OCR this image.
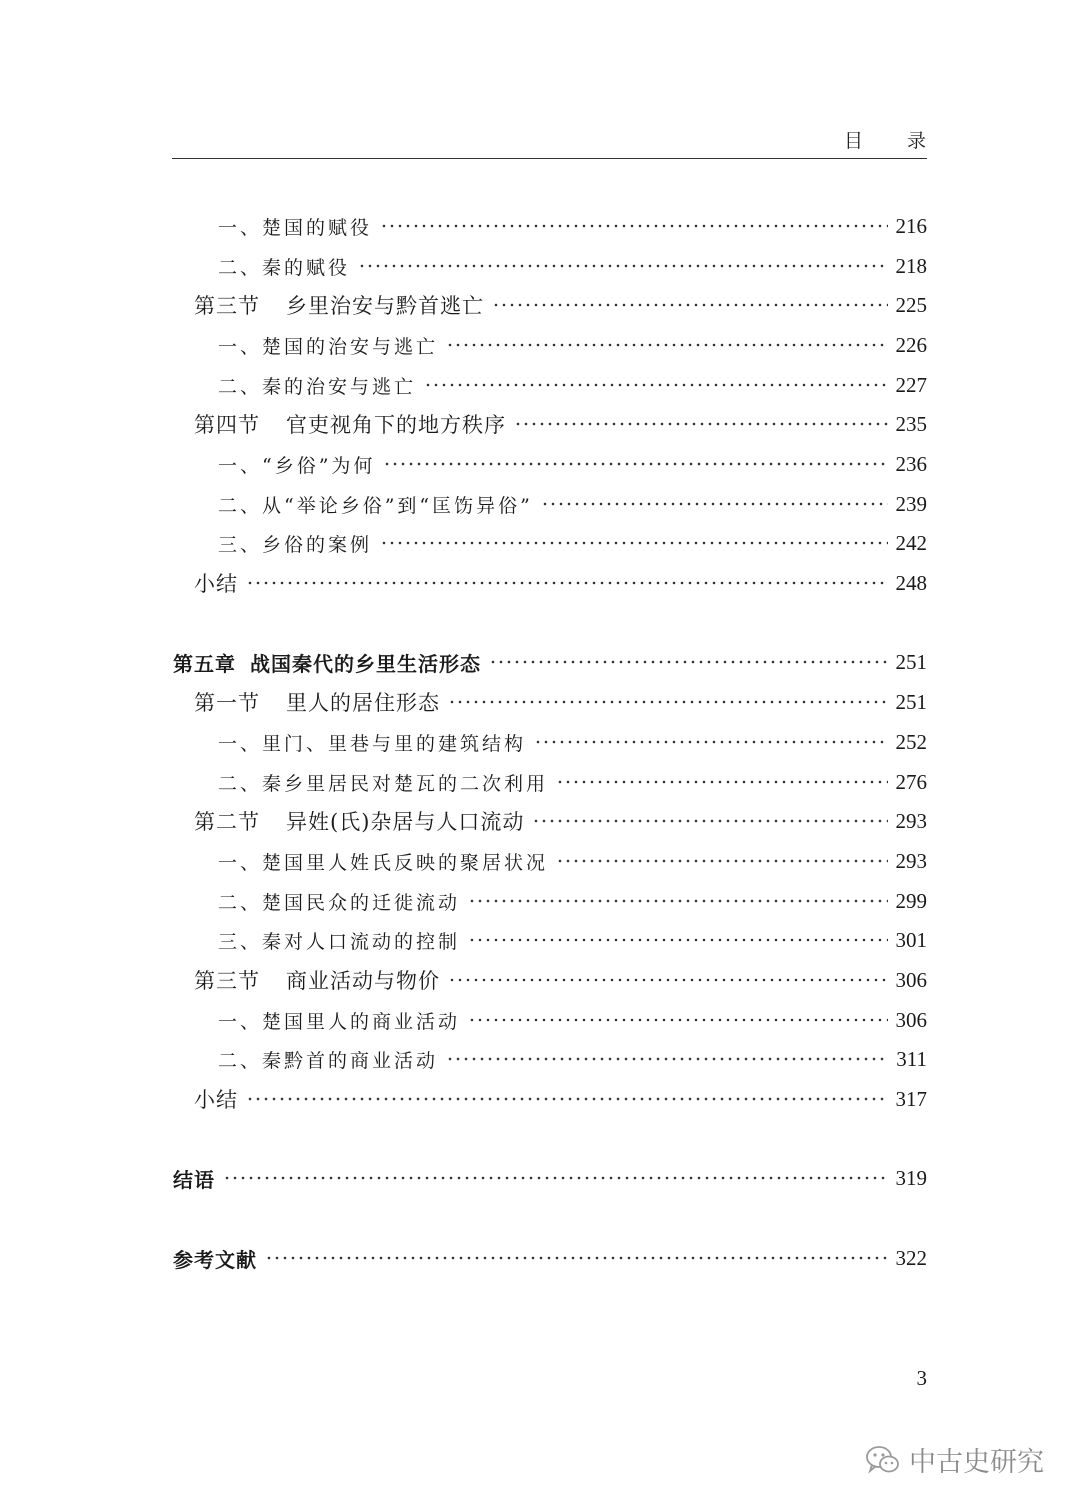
目录
一、楚国的赋役	216
二、秦的赋役	218
第三节 乡里治安与黔首逃亡	225
一、楚国的治安与逃亡	226
二、秦的治安与逃亡	227
第四节 官吏视角下的地方秩序	235
一、“乡俗”为何	236
二、从“举论乡俗”到“匡饬异俗”	239
三、乡俗的案例	242
小结	248
第五章 战国秦代的乡里生活形态	251
第一节 里人的居住形态	251
一、里门、里巷与里的建筑结构	252
二、秦乡里居民对楚瓦的二次利用	276
第二节 异姓(氏)杂居与人口流动	293
一、楚国里人姓氏反映的聚居状况	293
二、楚国民众的迁徙流动	299
三、秦对人口流动的控制	301
第三节 商业活动与物价	306
一、楚国里人的商业活动	306
二、秦黔首的商业活动	311
小结	317
结语	319
参考文献	322
3
中古史研究
